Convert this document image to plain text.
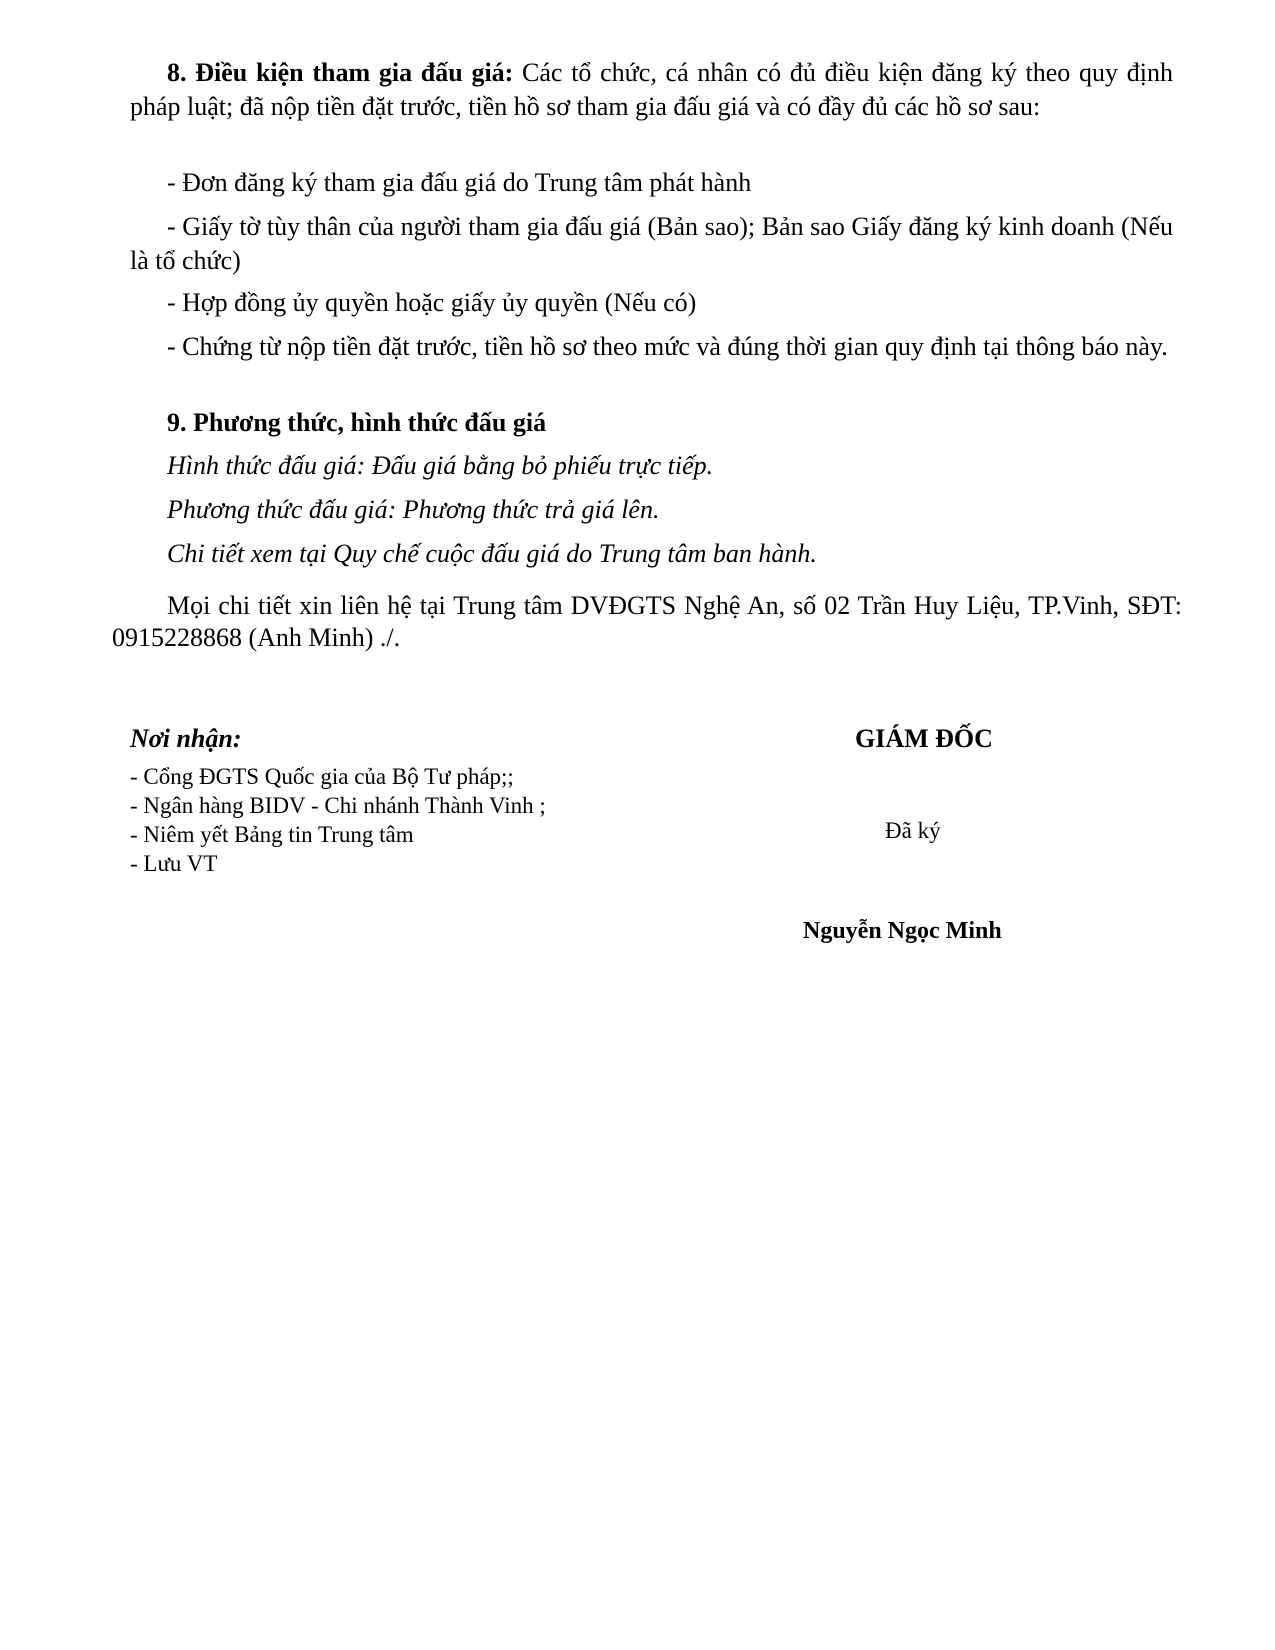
8. Điều kiện tham gia đấu giá: Các tổ chức, cá nhân có đủ điều kiện đăng ký theo quy định pháp luật; đã nộp tiền đặt trước, tiền hồ sơ tham gia đấu giá và có đầy đủ các hồ sơ sau:

- Đơn đăng ký tham gia đấu giá do Trung tâm phát hành

- Giấy tờ tùy thân của người tham gia đấu giá (Bản sao); Bản sao Giấy đăng ký kinh doanh (Nếu là tổ chức)

- Hợp đồng ủy quyền hoặc giấy ủy quyền (Nếu có)

- Chứng từ nộp tiền đặt trước, tiền hồ sơ theo mức và đúng thời gian quy định tại thông báo này.

9. Phương thức, hình thức đấu giá

Hình thức đấu giá: Đấu giá bằng bỏ phiếu trực tiếp.

Phương thức đấu giá: Phương thức trả giá lên.

Chi tiết xem tại Quy chế cuộc đấu giá do Trung tâm ban hành.

Mọi chi tiết xin liên hệ tại Trung tâm DVĐGTS Nghệ An, số 02 Trần Huy Liệu, TP.Vinh, SĐT: 0915228868 (Anh Minh) ./.

Nơi nhận:

- Cổng ĐGTS Quốc gia của Bộ Tư pháp;;
- Ngân hàng BIDV - Chi nhánh Thành Vinh ;
- Niêm yết Bảng tin Trung tâm
- Lưu VT

GIÁM ĐỐC

Đã ký

Nguyễn Ngọc Minh
